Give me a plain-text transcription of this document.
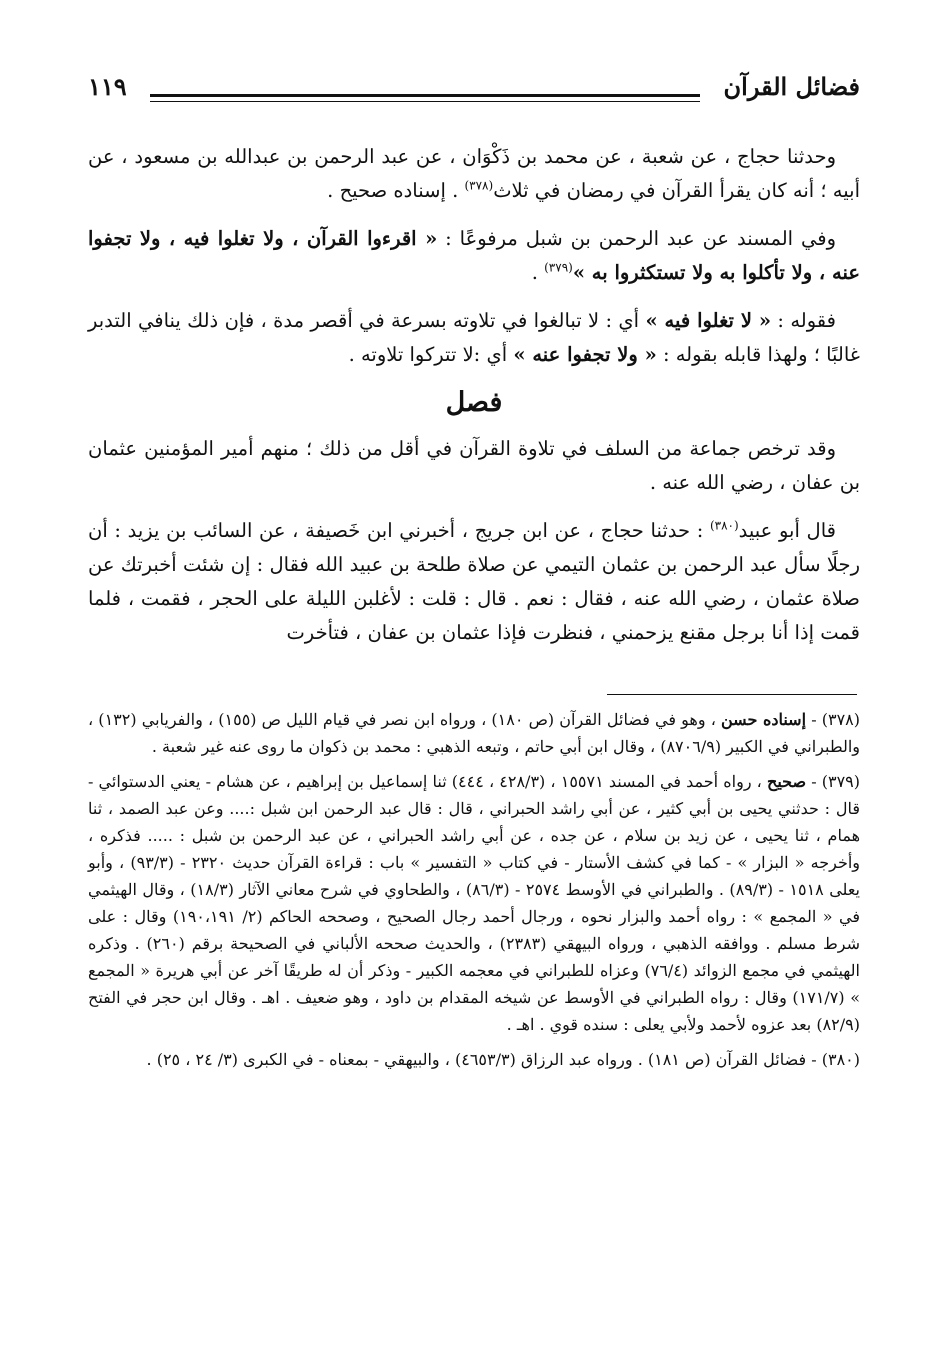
فضائل القرآن
١١٩

وحدثنا حجاج ، عن شعبة ، عن محمد بن ذَكْوَان ، عن عبد الرحمن بن عبدالله بن مسعود ، عن أبيه ؛ أنه كان يقرأ القرآن في رمضان في ثلاث$^{(٣٧٨)}$ . إسناده صحيح .

وفي المسند عن عبد الرحمن بن شبل مرفوعًا : « اقرءوا القرآن ، ولا تغلوا فيه ، ولا تجفوا عنه ، ولا تأكلوا به ولا تستكثروا به »$^{(٣٧٩)}$ .

فقوله : « لا تغلوا فيه » أي : لا تبالغوا في تلاوته بسرعة في أقصر مدة ، فإن ذلك ينافي التدبر غالبًا ؛ ولهذا قابله بقوله : « ولا تجفوا عنه » أي :لا تتركوا تلاوته .

فصل

وقد ترخص جماعة من السلف في تلاوة القرآن في أقل من ذلك ؛ منهم أمير المؤمنين عثمان بن عفان ، رضي الله عنه .

قال أبو عبيد$^{(٣٨٠)}$ : حدثنا حجاج ، عن ابن جريج ، أخبرني ابن خَصيفة ، عن السائب بن يزيد : أن رجلًا سأل عبد الرحمن بن عثمان التيمي عن صلاة طلحة بن عبيد الله فقال : إن شئت أخبرتك عن صلاة عثمان ، رضي الله عنه ، فقال : نعم . قال : قلت : لأغلبن الليلة على الحجر ، فقمت ، فلما قمت إذا أنا برجل مقنع يزحمني ، فنظرت فإذا عثمان بن عفان ، فتأخرت

(٣٧٨) - إسناده حسن ، وهو في فضائل القرآن (ص ١٨٠) ، ورواه ابن نصر في قيام الليل ص (١٥٥) ، والفريابي (١٣٢) ، والطبراني في الكبير (٨٧٠٦/٩) ، وقال ابن أبي حاتم ، وتبعه الذهبي : محمد بن ذكوان ما روى عنه غير شعبة .

(٣٧٩) - صحيح ، رواه أحمد في المسند ١٥٥٧١ ، (٤٢٨/٣ ، ٤٤٤) ثنا إسماعيل بن إبراهيم ، عن هشام - يعني الدستوائي - قال : حدثني يحيى بن أبي كثير ، عن أبي راشد الحبراني ، قال : قال عبد الرحمن ابن شبل :.... وعن عبد الصمد ، ثنا همام ، ثنا يحيى ، عن زيد بن سلام ، عن جده ، عن أبي راشد الحبراني ، عن عبد الرحمن بن شبل : ..... فذكره ، وأخرجه « البزار » - كما في كشف الأستار - في كتاب « التفسير » باب : قراءة القرآن حديث ٢٣٢٠ - (٩٣/٣) ، وأبو يعلى ١٥١٨ - (٨٩/٣) . والطبراني في الأوسط ٢٥٧٤ - (٨٦/٣) ، والطحاوي في شرح معاني الآثار (١٨/٣) ، وقال الهيثمي في « المجمع » : رواه أحمد والبزار نحوه ، ورجال أحمد رجال الصحيح ، وصححه الحاكم (٢/ ١٩٠،١٩١) وقال : على شرط مسلم . ووافقه الذهبي ، ورواه البيهقي (٢٣٨٣) ، والحديث صححه الألباني في الصحيحة برقم (٢٦٠) . وذكره الهيثمي في مجمع الزوائد (٧٦/٤) وعزاه للطبراني في معجمه الكبير - وذكر أن له طريقًا آخر عن أبي هريرة « المجمع » (١٧١/٧) وقال : رواه الطبراني في الأوسط عن شيخه المقدام بن داود ، وهو ضعيف . اهـ . وقال ابن حجر في الفتح (٨٢/٩) بعد عزوه لأحمد ولأبي يعلى : سنده قوي . اهـ .

(٣٨٠) - فضائل القرآن (ص ١٨١) . ورواه عبد الرزاق (٤٦٥٣/٣) ، والبيهقي - بمعناه - في الكبرى (٣/ ٢٤ ، ٢٥) .
